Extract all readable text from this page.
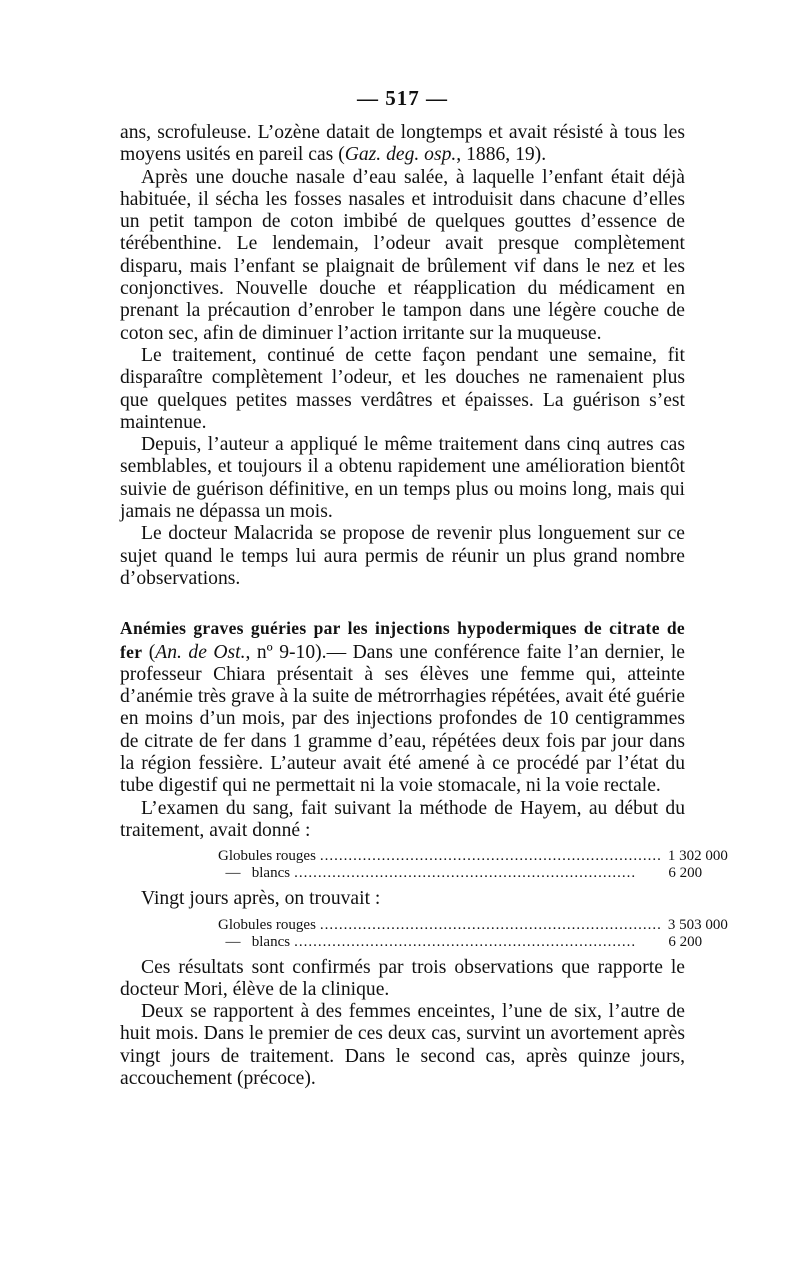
— 517 —

ans, scrofuleuse. L’ozène datait de longtemps et avait résisté à tous les moyens usités en pareil cas (Gaz. deg. osp., 1886, 19).

Après une douche nasale d’eau salée, à laquelle l’enfant était déjà habituée, il sécha les fosses nasales et introduisit dans chacune d’elles un petit tampon de coton imbibé de quelques gouttes d’essence de térébenthine. Le lendemain, l’odeur avait presque complètement disparu, mais l’enfant se plaignait de brûlement vif dans le nez et les conjonctives. Nouvelle douche et réapplication du médicament en prenant la précaution d’enrober le tampon dans une légère couche de coton sec, afin de diminuer l’action irritante sur la muqueuse.

Le traitement, continué de cette façon pendant une semaine, fit disparaître complètement l’odeur, et les douches ne ramenaient plus que quelques petites masses verdâtres et épaisses. La guérison s’est maintenue.

Depuis, l’auteur a appliqué le même traitement dans cinq autres cas semblables, et toujours il a obtenu rapidement une amélioration bientôt suivie de guérison définitive, en un temps plus ou moins long, mais qui jamais ne dépassa un mois.

Le docteur Malacrida se propose de revenir plus longuement sur ce sujet quand le temps lui aura permis de réunir un plus grand nombre d’observations.

Anémies graves guéries par les injections hypodermiques de citrate de fer (An. de Ost., nº 9-10).— Dans une conférence faite l’an dernier, le professeur Chiara présentait à ses élèves une femme qui, atteinte d’anémie très grave à la suite de métrorrhagies répétées, avait été guérie en moins d’un mois, par des injections profondes de 10 centigrammes de citrate de fer dans 1 gramme d’eau, répétées deux fois par jour dans la région fessière. L’auteur avait été amené à ce procédé par l’état du tube digestif qui ne permettait ni la voie stomacale, ni la voie rectale.

L’examen du sang, fait suivant la méthode de Hayem, au début du traitement, avait donné :

Globules rouges ........................................................................ 1 302 000
— blancs ........................................................................	6 200

Vingt jours après, on trouvait :

Globules rouges ........................................................................ 3 503 000
— blancs ........................................................................	6 200

Ces résultats sont confirmés par trois observations que rapporte le docteur Mori, élève de la clinique.

Deux se rapportent à des femmes enceintes, l’une de six, l’autre de huit mois. Dans le premier de ces deux cas, survint un avortement après vingt jours de traitement. Dans le second cas, après quinze jours, accouchement (précoce).
